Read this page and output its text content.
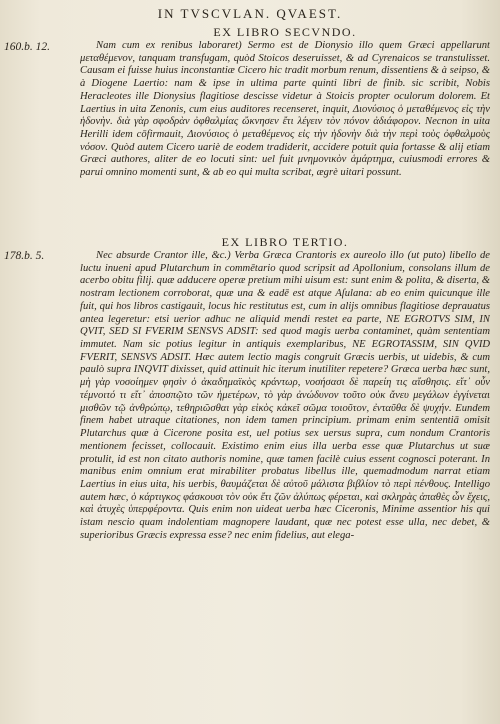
IN TVSCVLAN. QVAEST.
EX LIBRO SECVNDO.
160.b. 12.	Nam cum ex renibus laboraret) Sermo est de Dionysio illo quem Græci appellarunt μεταθέμενον, tanquam transfugam, quòd Stoicos deseruisset, & ad Cyrenaicos se transtulisset. Causam ei fuisse huius inconstantiæ Cicero hic tradit morbum renum, dissentiens & à seipso, & à Diogene Laertio: nam & ipse in ultima parte quinti libri de finib. sic scribit, Nobis Heracleotes ille Dionysius flagitiose descisse videtur à Stoicis propter oculorum dolorem. Et Laertius in uita Zenonis, cum eius auditores recenseret, inquit, Διονύσιος ὁ μεταθέμενος εἰς τὴν ἡδονὴν. διὰ γὰρ σφοδρὰν ὀφθαλμίας ὤκνησεν ἔτι λέγειν τὸν πόνον ἀδιάφορον. Necnon in uita Herilli idem cōfirmauit, Διονύσιος ὁ μεταθέμενος εἰς τὴν ἡδονὴν διὰ τὴν περὶ τοὺς ὀφθαλμοὺς νόσον. Quòd autem Cicero uariè de eodem tradiderit, accidere potuit quia fortasse & alij etiam Græci authores, aliter de eo locuti sint: uel fuit μνημονικὸν ἁμάρτημα, cuiusmodi errores & parui omnino momenti sunt, & ab eo qui multa scribat, ægrè uitari possunt.

EX LIBRO TERTIO.
178.b. 5.	Nec absurde Crantor ille, &c.) Verba Græca Crantoris ex aureolo illo (ut puto) libello de luctu inueni apud Plutarchum in commētario quod scripsit ad Apollonium, consolans illum de acerbo obitu filij. quæ adducere operæ pretium mihi uisum est: sunt enim & polita, & diserta, & nostram lectionem corroborat, quæ una & eadē est atque Aſulana: ab eo enim quicunque ille fuit, qui hos libros castigauit, locus hic restitutus est, cum in alijs omnibus flagitiose deprauatus antea legeretur: etsi uerior adhuc ne aliquid mendi restet ea parte, NE EGROTVS SIM, IN QVIT, SED SI FVERIM SENSVS ADSIT: sed quod magis uerba contaminet, quàm sententiam immutet. Nam sic potius legitur in antiquis exemplaribus, NE EGROTASSIM, SIN QVID FVERIT, SENSVS ADSIT. Hæc autem lectio magis congruit Græcis uerbis, ut uidebis, & cum paulò supra INQVIT dixisset, quid attinuit hic iterum inutiliter repetere? Græca uerba hæc sunt, μὴ γὰρ νοσοίημεν φησὶν ὁ ἀκαδημαϊκὸς κράντωρ, νοσήσασι δὲ παρείη τις αἴσθησις. εἴτ᾽ οὖν τέμνοιτό τι εἴτ᾽ ἀποσπῷτο τῶν ἡμετέρων, τὸ γὰρ ἀνώδυνον τοῦτο οὐκ ἄνευ μεγάλων ἐγγίνεται μισθῶν τῷ ἀνθρώπῳ, τεθηριῶσθαι γὰρ εἰκὸς κἀκεῖ σῶμα τοιοῦτον, ἐνταῦθα δὲ ψυχήν. Eundem finem habet utraque citationes, non idem tamen principium. primam enim sententiā omisit Plutarchus quæ à Cicerone posita est, uel potius sex uersus supra, cum nondum Crantoris mentionem fecisset, collocauit. Existimo enim eius illa uerba esse quæ Plutarchus ut suæ protulit, id est non citato authoris nomine, quæ tamen facilè cuius essent cognosci poterant. In manibus enim omnium erat mirabiliter probatus libellus ille, quemadmodum narrat etiam Laertius in eius uita, his uerbis, θαυμάζεται δὲ αὐτοῦ μάλιστα βιβλίον τὸ περὶ πένθους. Intelligo autem hæc, ὁ κάρτιγκος φάσκουσι τὸν οὐκ ἔτι ζῶν ἀλύπως φέρεται, καὶ σκληρὰς ἀπαθὲς ὧν ἔχεις, καὶ ἀτυχὲς ὑπερφέροντα. Quis enim non uideat uerba hæc Ciceronis, Minime assentior his qui istam nescio quam indolentiam magnopere laudant, quæ nec potest esse ulla, nec debet, & superioribus Græcis expressa esse? nec enim fidelius, aut elega-
